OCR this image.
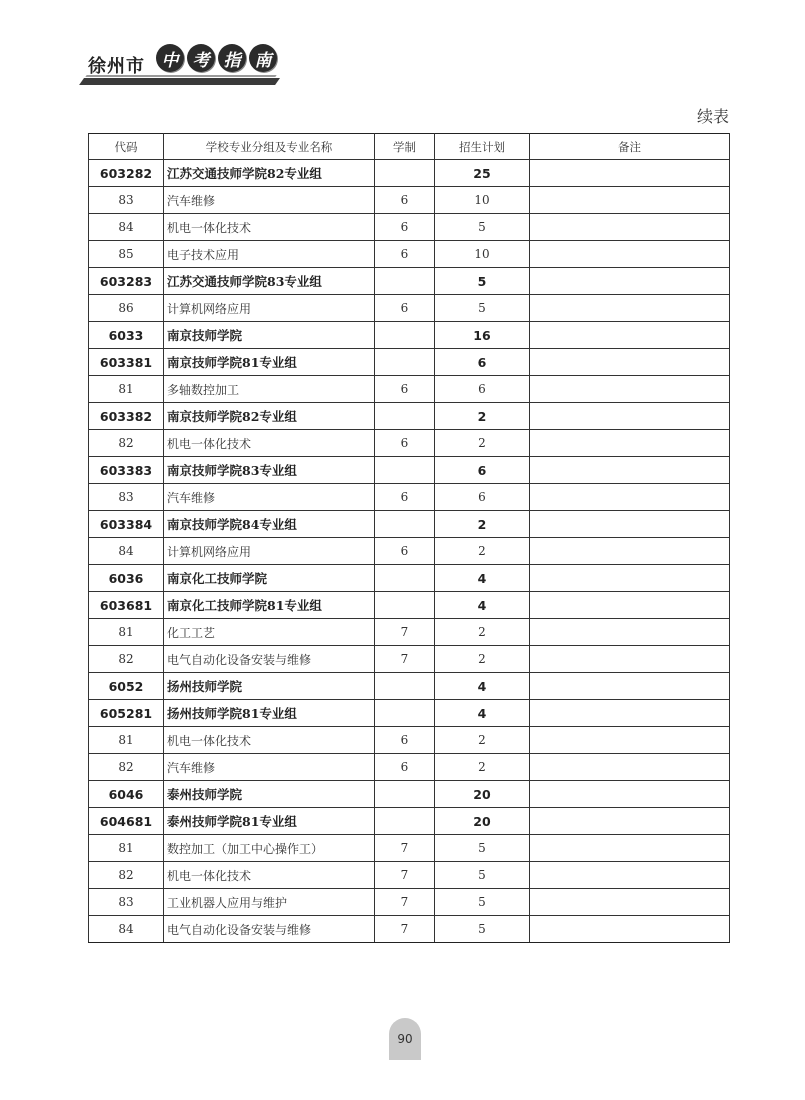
徐州市 中 考 指 南
续表
代码	学校专业分组及专业名称	学制	招生计划	备注
603282	江苏交通技师学院82专业组		25	
83	汽车维修	6	10	
84	机电一体化技术	6	5	
85	电子技术应用	6	10	
603283	江苏交通技师学院83专业组		5	
86	计算机网络应用	6	5	
6033	南京技师学院		16	
603381	南京技师学院81专业组		6	
81	多轴数控加工	6	6	
603382	南京技师学院82专业组		2	
82	机电一体化技术	6	2	
603383	南京技师学院83专业组		6	
83	汽车维修	6	6	
603384	南京技师学院84专业组		2	
84	计算机网络应用	6	2	
6036	南京化工技师学院		4	
603681	南京化工技师学院81专业组		4	
81	化工工艺	7	2	
82	电气自动化设备安装与维修	7	2	
6052	扬州技师学院		4	
605281	扬州技师学院81专业组		4	
81	机电一体化技术	6	2	
82	汽车维修	6	2	
6046	泰州技师学院		20	
604681	泰州技师学院81专业组		20	
81	数控加工（加工中心操作工）	7	5	
82	机电一体化技术	7	5	
83	工业机器人应用与维护	7	5	
84	电气自动化设备安装与维修	7	5	
90
